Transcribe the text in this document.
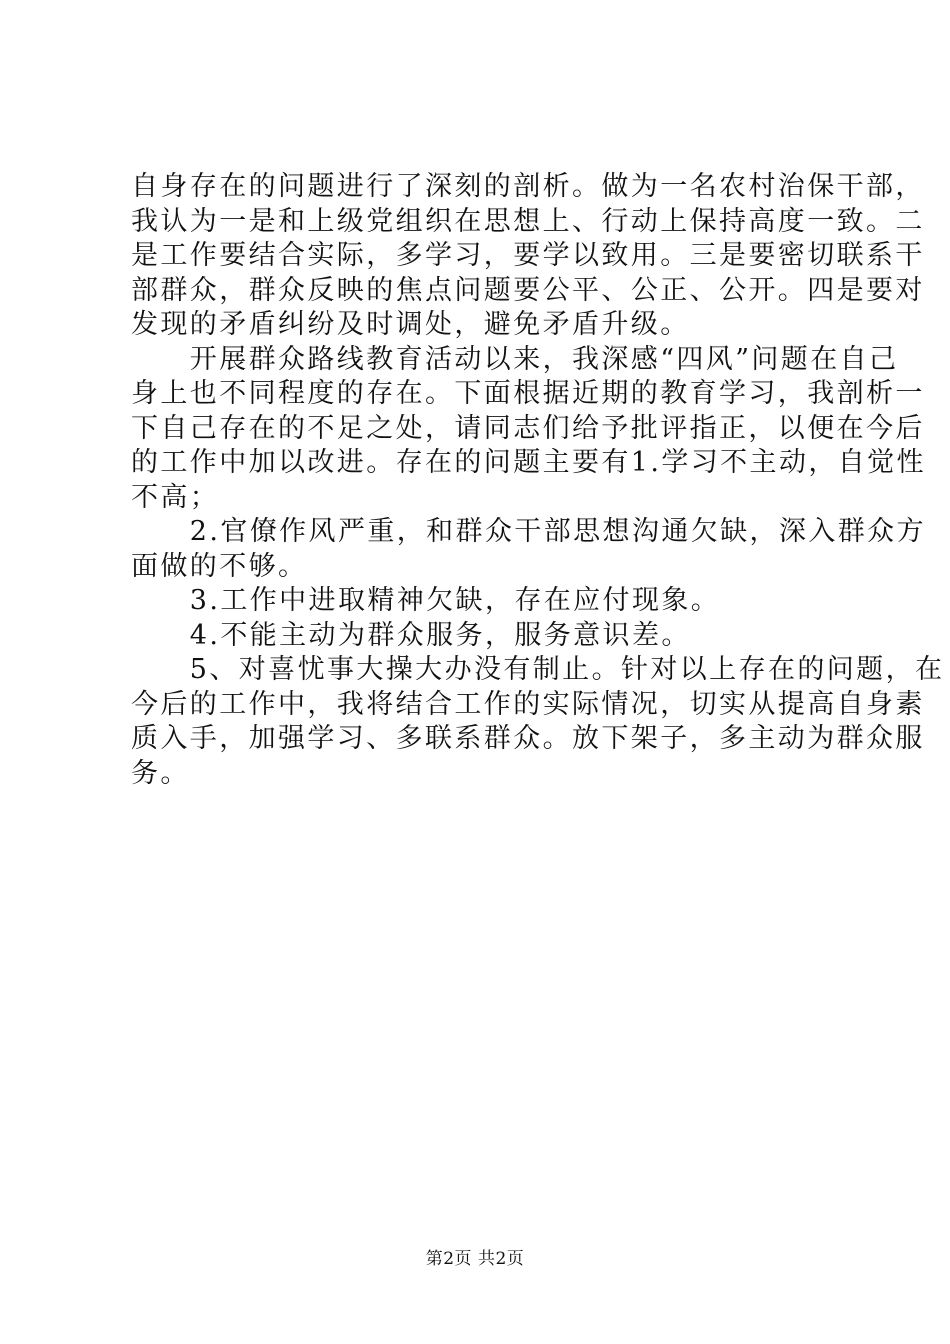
自身存在的问题进行了深刻的剖析。做为一名农村治保干部，
我认为一是和上级党组织在思想上、行动上保持高度一致。二
是工作要结合实际，多学习，要学以致用。三是要密切联系干
部群众，群众反映的焦点问题要公平、公正、公开。四是要对
发现的矛盾纠纷及时调处，避免矛盾升级。
　　开展群众路线教育活动以来，我深感“四风”问题在自己
身上也不同程度的存在。下面根据近期的教育学习，我剖析一
下自己存在的不足之处，请同志们给予批评指正，以便在今后
的工作中加以改进。存在的问题主要有1.学习不主动，自觉性
不高；
　　2.官僚作风严重，和群众干部思想沟通欠缺，深入群众方
面做的不够。
　　3.工作中进取精神欠缺，存在应付现象。
　　4.不能主动为群众服务，服务意识差。
　　5、对喜忧事大操大办没有制止。针对以上存在的问题，在
今后的工作中，我将结合工作的实际情况，切实从提高自身素
质入手，加强学习、多联系群众。放下架子，多主动为群众服
务。
第2页 共2页
